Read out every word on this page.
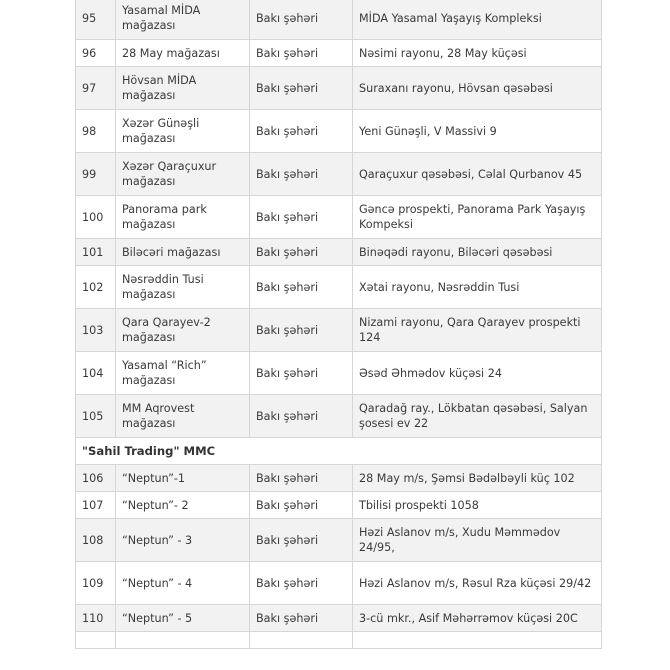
95	Yasamal MİDA mağazası	Bakı şəhəri	MİDA Yasamal Yaşayış Kompleksi
96	28 May mağazası	Bakı şəhəri	Nəsimi rayonu, 28 May küçəsi
97	Hövsan MİDA mağazası	Bakı şəhəri	Suraxanı rayonu, Hövsan qəsəbəsi
98	Xəzər Günəşli mağazası	Bakı şəhəri	Yeni Günəşli, V Massivi 9
99	Xəzər Qaraçuxur mağazası	Bakı şəhəri	Qaraçuxur qəsəbəsi, Cəlal Qurbanov 45
100	Panorama park mağazası	Bakı şəhəri	Gəncə prospekti, Panorama Park Yaşayış Kompeksi
101	Biləcəri mağazası	Bakı şəhəri	Binəqədi rayonu, Biləcəri qəsəbəsi
102	Nəsrəddin Tusi mağazası	Bakı şəhəri	Xətai rayonu, Nəsrəddin Tusi
103	Qara Qarayev-2 mağazası	Bakı şəhəri	Nizami rayonu, Qara Qarayev prospekti 124
104	Yasamal “Rich” mağazası	Bakı şəhəri	Əsəd Əhmədov küçəsi 24
105	MM Aqrovest mağazası	Bakı şəhəri	Qaradağ ray., Lökbatan qəsəbəsi, Salyan şosesi ev 22
"Sahil Trading" MMC			
106	“Neptun”-1	Bakı şəhəri	28 May m/s, Şəmsi Bədəlbəyli küç 102
107	“Neptun”- 2	Bakı şəhəri	Tbilisi prospekti 1058
108	“Neptun” - 3	Bakı şəhəri	Həzi Aslanov m/s, Xudu Məmmədov 24/95,
109	“Neptun” - 4	Bakı şəhəri	Həzi Aslanov m/s, Rəsul Rza küçəsi 29/42
110	“Neptun” - 5	Bakı şəhəri	3-cü mkr., Asif Məhərrəmov küçəsi 20C
